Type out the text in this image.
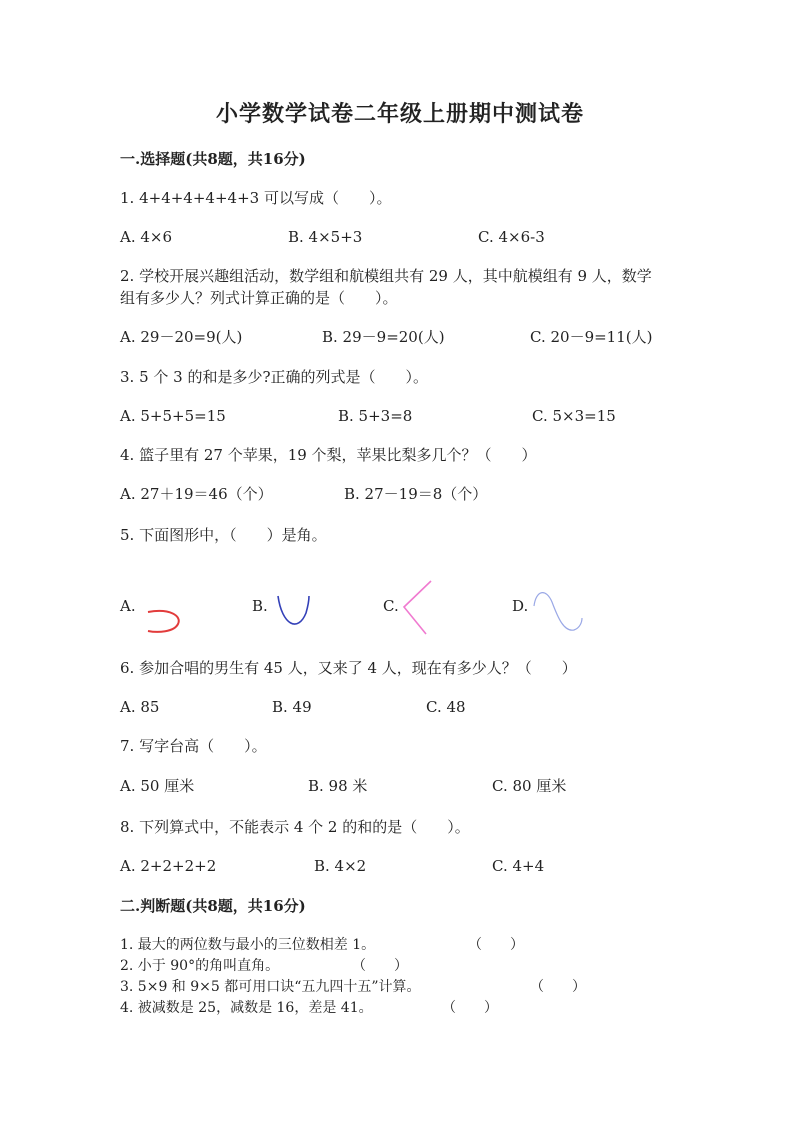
小学数学试卷二年级上册期中测试卷
一.选择题(共8题，共16分)
1. 4+4+4+4+4+3 可以写成（　　）。
A. 4×6	B. 4×5+3	C. 4×6-3
2. 学校开展兴趣组活动，数学组和航模组共有 29 人，其中航模组有 9 人，数学
组有多少人？列式计算正确的是（　　）。
A. 29－20=9(人)	B. 29－9=20(人)	C. 20－9=11(人)
3. 5 个 3 的和是多少?正确的列式是（　　）。
A. 5+5+5=15	B. 5+3=8	C. 5×3=15
4. 篮子里有 27 个苹果，19 个梨，苹果比梨多几个？（　　）
A. 27＋19＝46（个）	B. 27－19＝8（个）
5. 下面图形中，（　　）是角。
A.	B.	C.	D.
6. 参加合唱的男生有 45 人，又来了 4 人，现在有多少人？（　　）
A. 85	B. 49	C. 48
7. 写字台高（　　）。
A. 50 厘米	B. 98 米	C. 80 厘米
8. 下列算式中，不能表示 4 个 2 的和的是（　　）。
A. 2+2+2+2	B. 4×2	C. 4+4
二.判断题(共8题，共16分)
1. 最大的两位数与最小的三位数相差 1。	（　　）
2. 小于 90°的角叫直角。	（　　）
3. 5×9 和 9×5 都可用口诀“五九四十五”计算。	（　　）
4. 被减数是 25，减数是 16，差是 41。	（　　）
